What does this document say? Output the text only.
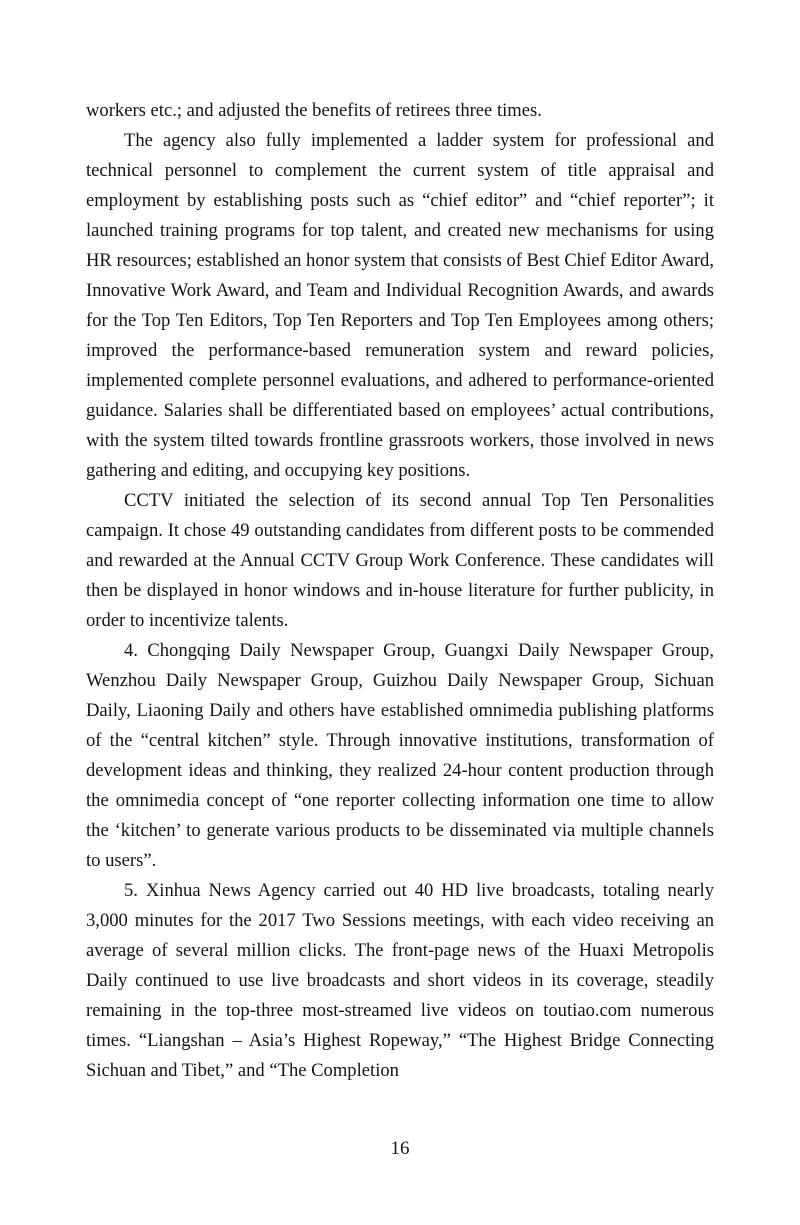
workers etc.; and adjusted the benefits of retirees three times.

The agency also fully implemented a ladder system for professional and technical personnel to complement the current system of title appraisal and employment by establishing posts such as “chief editor” and “chief reporter”; it launched training programs for top talent, and created new mechanisms for using HR resources; established an honor system that consists of Best Chief Editor Award, Innovative Work Award, and Team and Individual Recognition Awards, and awards for the Top Ten Editors, Top Ten Reporters and Top Ten Employees among others; improved the performance-based remuneration system and reward policies, implemented complete personnel evaluations, and adhered to performance-oriented guidance. Salaries shall be differentiated based on employees’ actual contributions, with the system tilted towards frontline grassroots workers, those involved in news gathering and editing, and occupying key positions.

CCTV initiated the selection of its second annual Top Ten Personalities campaign. It chose 49 outstanding candidates from different posts to be commended and rewarded at the Annual CCTV Group Work Conference. These candidates will then be displayed in honor windows and in-house literature for further publicity, in order to incentivize talents.

4. Chongqing Daily Newspaper Group, Guangxi Daily Newspaper Group, Wenzhou Daily Newspaper Group, Guizhou Daily Newspaper Group, Sichuan Daily, Liaoning Daily and others have established omnimedia publishing platforms of the “central kitchen” style. Through innovative institutions, transformation of development ideas and thinking, they realized 24-hour content production through the omnimedia concept of “one reporter collecting information one time to allow the ‘kitchen’ to generate various products to be disseminated via multiple channels to users”.

5. Xinhua News Agency carried out 40 HD live broadcasts, totaling nearly 3,000 minutes for the 2017 Two Sessions meetings, with each video receiving an average of several million clicks. The front-page news of the Huaxi Metropolis Daily continued to use live broadcasts and short videos in its coverage, steadily remaining in the top-three most-streamed live videos on toutiao.com numerous times. “Liangshan – Asia’s Highest Ropeway,” “The Highest Bridge Connecting Sichuan and Tibet,” and “The Completion

16
